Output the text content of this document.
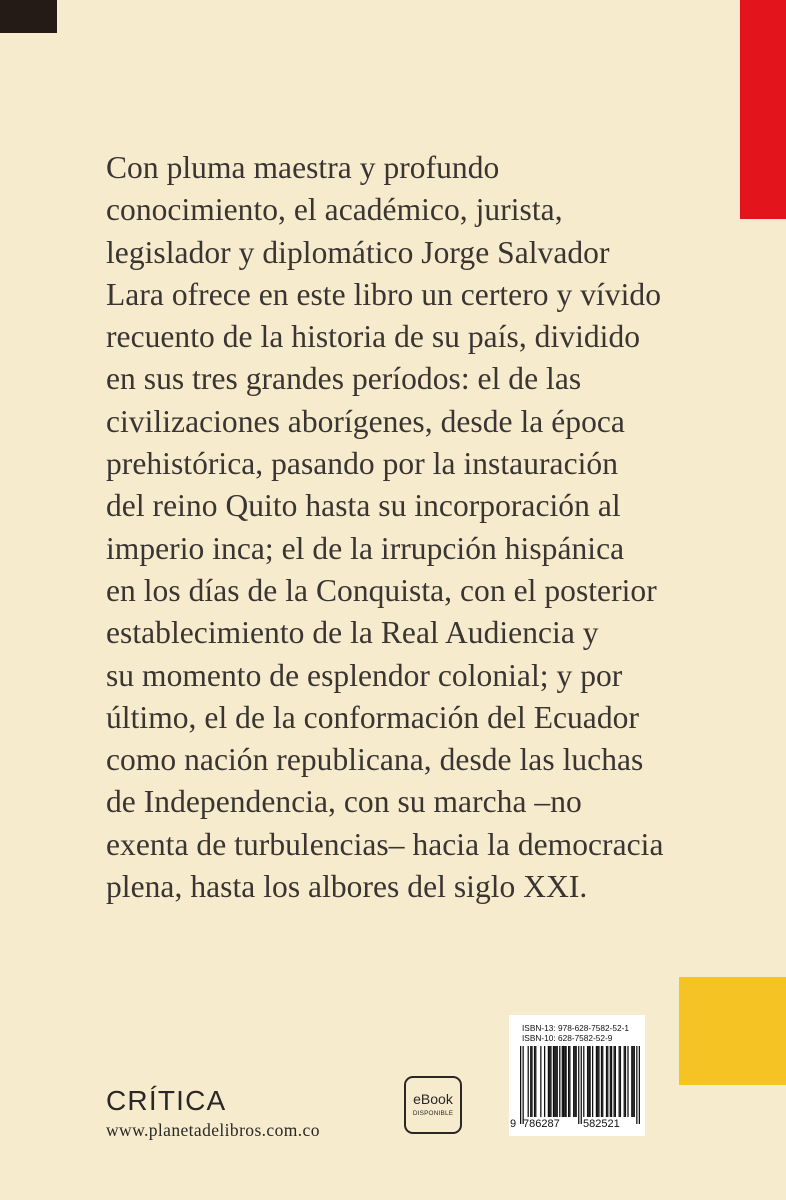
Con pluma maestra y profundo
conocimiento, el académico, jurista,
legislador y diplomático Jorge Salvador
Lara ofrece en este libro un certero y vívido
recuento de la historia de su país, dividido
en sus tres grandes períodos: el de las
civilizaciones aborígenes, desde la época
prehistórica, pasando por la instauración
del reino Quito hasta su incorporación al
imperio inca; el de la irrupción hispánica
en los días de la Conquista, con el posterior
establecimiento de la Real Audiencia y
su momento de esplendor colonial; y por
último, el de la conformación del Ecuador
como nación republicana, desde las luchas
de Independencia, con su marcha –no
exenta de turbulencias– hacia la democracia
plena, hasta los albores del siglo XXI.
CRÍTICA
www.planetadelibros.com.co
eBook
DISPONIBLE
ISBN-13: 978-628-7582-52-1
ISBN-10: 628-7582-52-9
9 786287 582521
